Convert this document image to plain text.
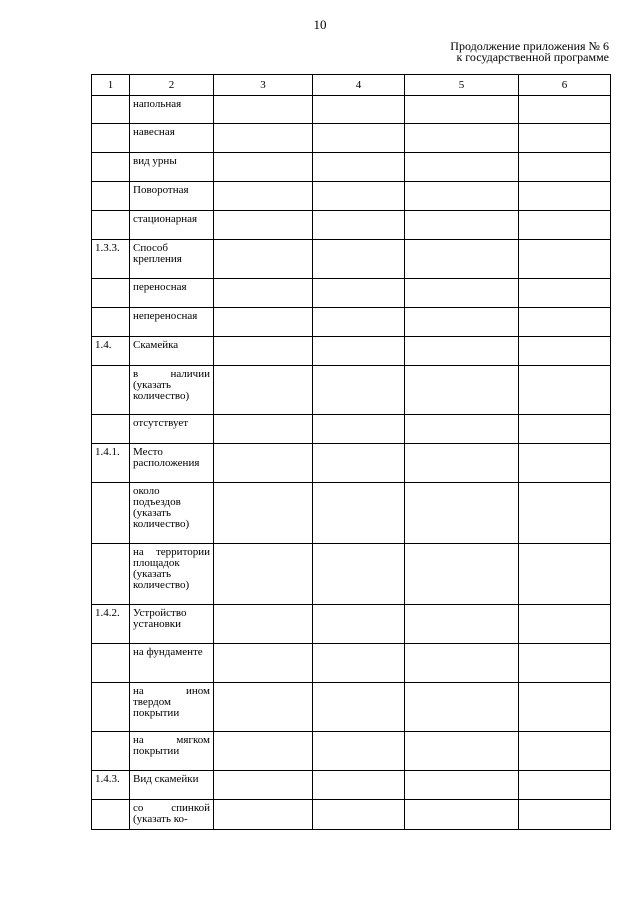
10
Продолжение приложения № 6
к государственной программе
1	2	3	4	5	6
	напольная				
	навесная				
	вид урны				
	Поворотная				
	стационарная				
1.3.3.	Способ крепления				
	переносная				
	непереносная				
1.4.	Скамейка				
	в наличии (указать количество)				
	отсутствует				
1.4.1.	Место расположения				
	около подъездов (указать количество)				
	на территории площадок (указать количество)				
1.4.2.	Устройство установки				
	на фундаменте				
	на ином твердом покрытии				
	на мягком покрытии				
1.4.3.	Вид скамейки				
	со спинкой (указать ко-				
